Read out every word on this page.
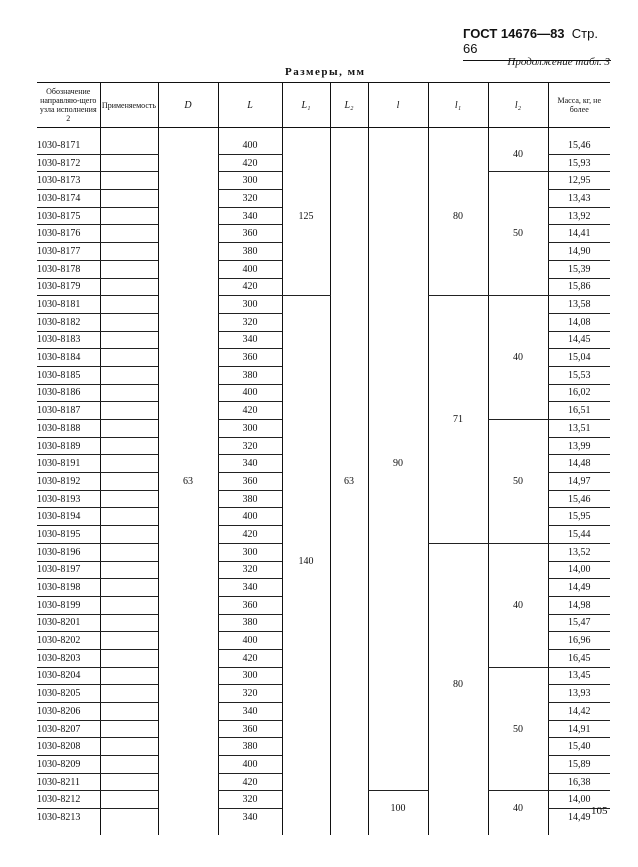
ГОСТ 14676—83 Стр. 66
Продолжение табл. 3
Размеры, мм
Обозначение направляю-щего узла исполнения 2	Применяемость	D	L	L₁	L₂	l	l₁	l₂	Масса, кг, не более

1030-8171		63	400	125	63	90	80	40	15,46
1030-8172			420						15,93
1030-8173			300					50	12,95
1030-8174			320						13,43
1030-8175			340						13,92
1030-8176			360						14,41
1030-8177			380						14,90
1030-8178			400						15,39
1030-8179			420						15,86
1030-8181			300	140			71	40	13,58
1030-8182			320						14,08
1030-8183			340						14,45
1030-8184			360						15,04
1030-8185			380						15,53
1030-8186			400						16,02
1030-8187			420						16,51
1030-8188			300					50	13,51
1030-8189			320						13,99
1030-8191			340						14,48
1030-8192			360						14,97
1030-8193			380						15,46
1030-8194			400						15,95
1030-8195			420						15,44
1030-8196			300				80	40	13,52
1030-8197			320						14,00
1030-8198			340						14,49
1030-8199			360						14,98
1030-8201			380						15,47
1030-8202			400						16,96
1030-8203			420						16,45
1030-8204			300					50	13,45
1030-8205			320						13,93
1030-8206			340						14,42
1030-8207			360						14,91
1030-8208			380						15,40
1030-8209			400						15,89
1030-8211			420						16,38
1030-8212			320			100		40	14,00
1030-8213			340						14,49

105
